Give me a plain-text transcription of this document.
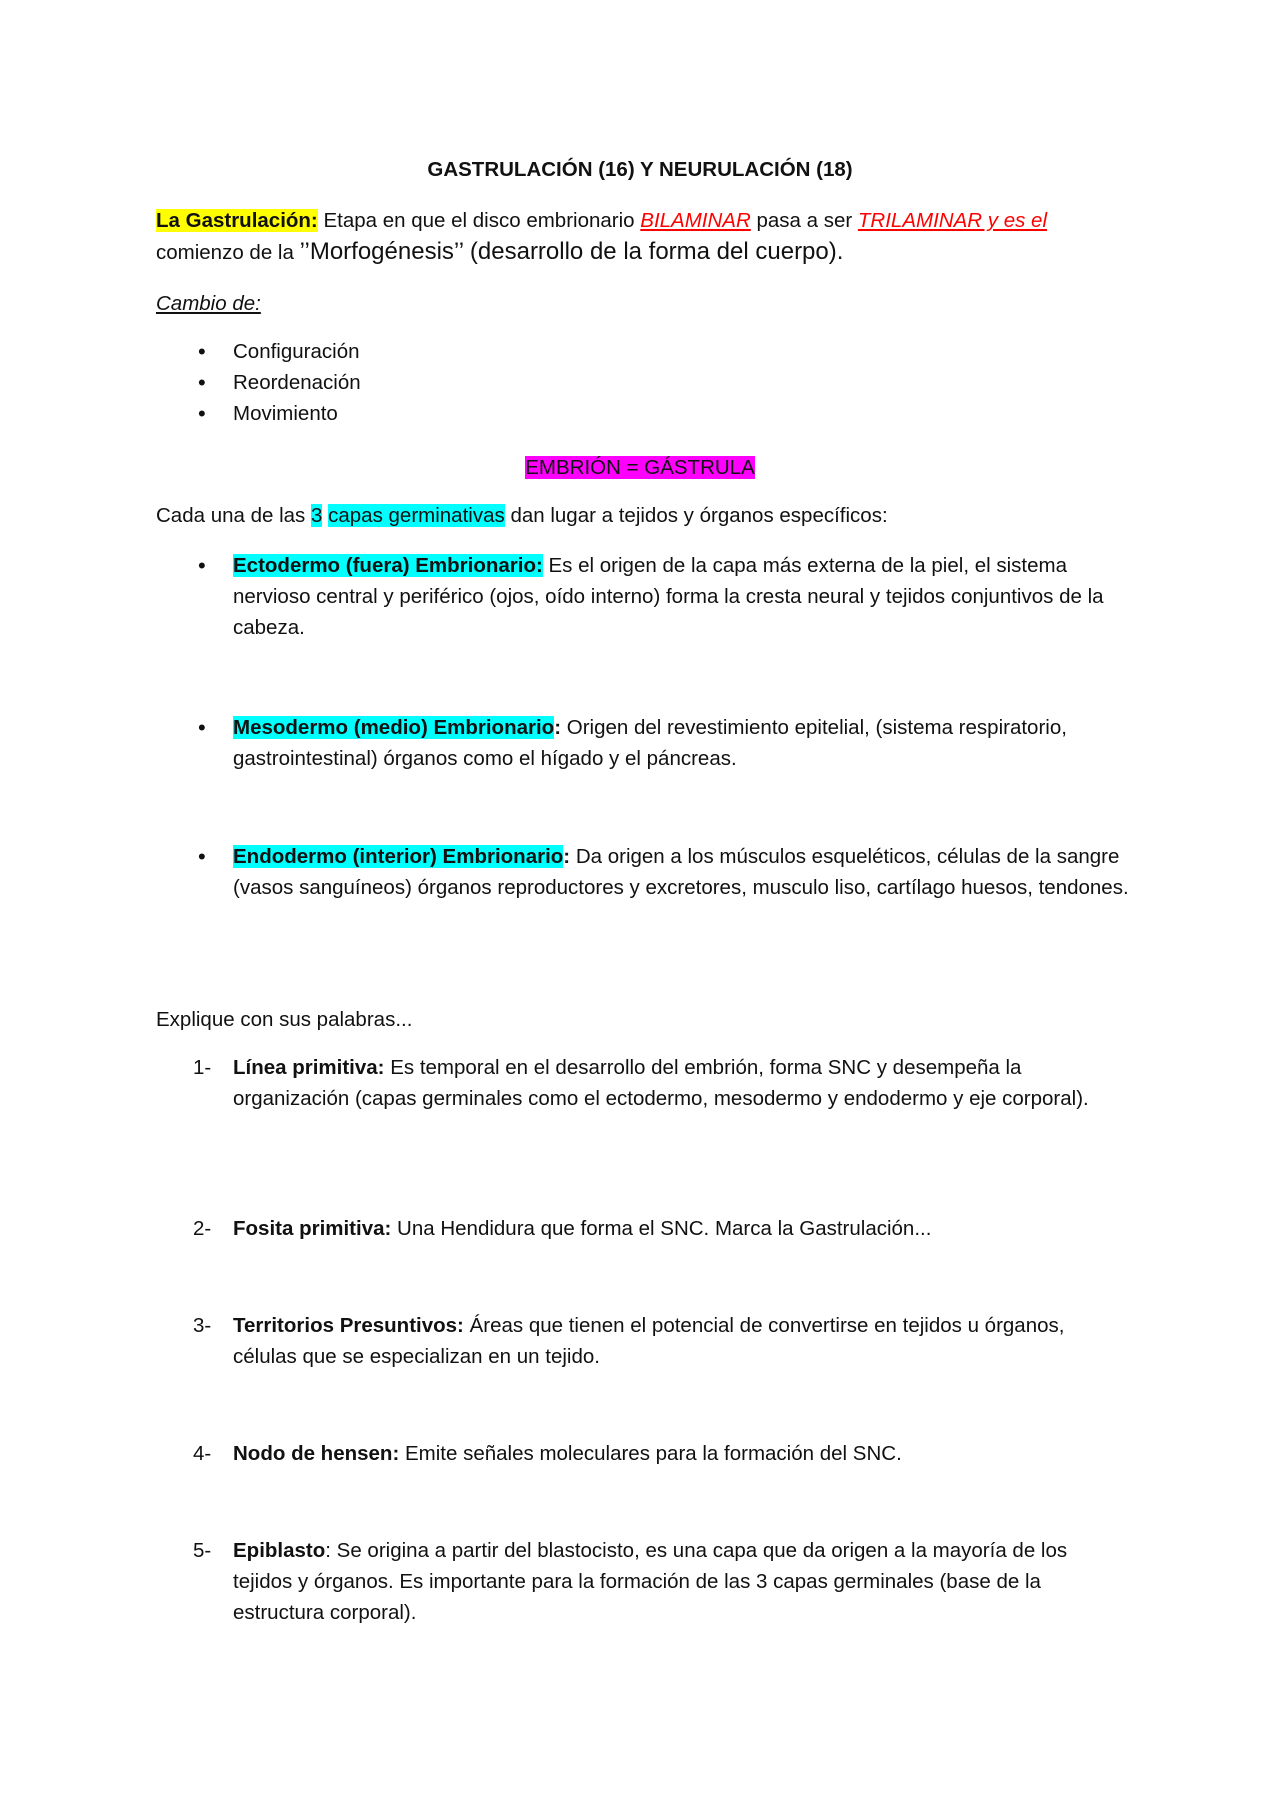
GASTRULACIÓN (16) Y NEURULACIÓN (18)
La Gastrulación: Etapa en que el disco embrionario BILAMINAR pasa a ser TRILAMINAR y es el
comienzo de la ’’Morfogénesis’’ (desarrollo de la forma del cuerpo).
Cambio de:
• Configuración
• Reordenación
• Movimiento
EMBRIÓN = GÁSTRULA
Cada una de las 3 capas germinativas dan lugar a tejidos y órganos específicos:
• Ectodermo (fuera) Embrionario: Es el origen de la capa más externa de la piel, el sistema nervioso central y periférico (ojos, oído interno) forma la cresta neural y tejidos conjuntivos de la cabeza.
• Mesodermo (medio) Embrionario: Origen del revestimiento epitelial, (sistema respiratorio, gastrointestinal) órganos como el hígado y el páncreas.
• Endodermo (interior) Embrionario: Da origen a los músculos esqueléticos, células de la sangre (vasos sanguíneos) órganos reproductores y excretores, musculo liso, cartílago huesos, tendones.
Explique con sus palabras...
1-	Línea primitiva: Es temporal en el desarrollo del embrión, forma SNC y desempeña la organización (capas germinales como el ectodermo, mesodermo y endodermo y eje corporal).
2-	Fosita primitiva: Una Hendidura que forma el SNC. Marca la Gastrulación...
3-	Territorios Presuntivos: Áreas que tienen el potencial de convertirse en tejidos u órganos, células que se especializan en un tejido.
4-	Nodo de hensen: Emite señales moleculares para la formación del SNC.
5-	Epiblasto: Se origina a partir del blastocisto, es una capa que da origen a la mayoría de los tejidos y órganos. Es importante para la formación de las 3 capas germinales (base de la estructura corporal).
